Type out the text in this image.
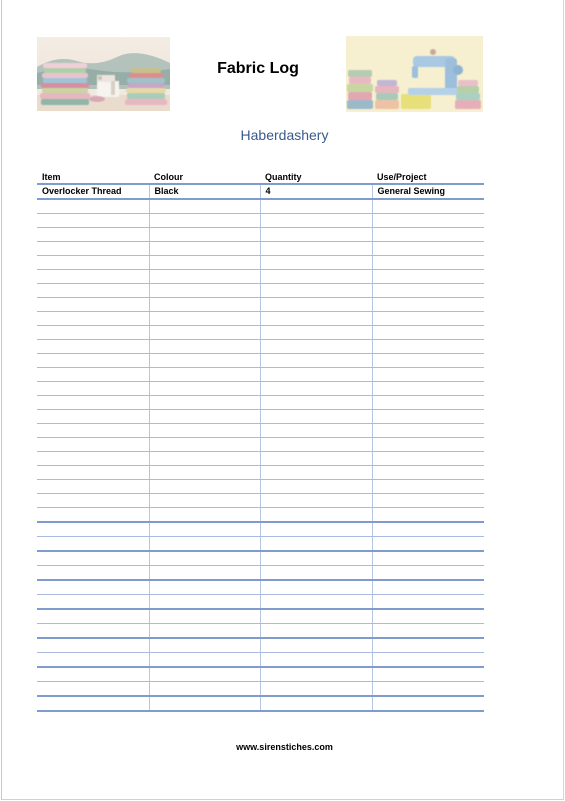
Fabric Log
Haberdashery
Item	Colour	Quantity	Use/Project
Overlocker Thread	Black	4	General Sewing

www.sirenstiches.com
